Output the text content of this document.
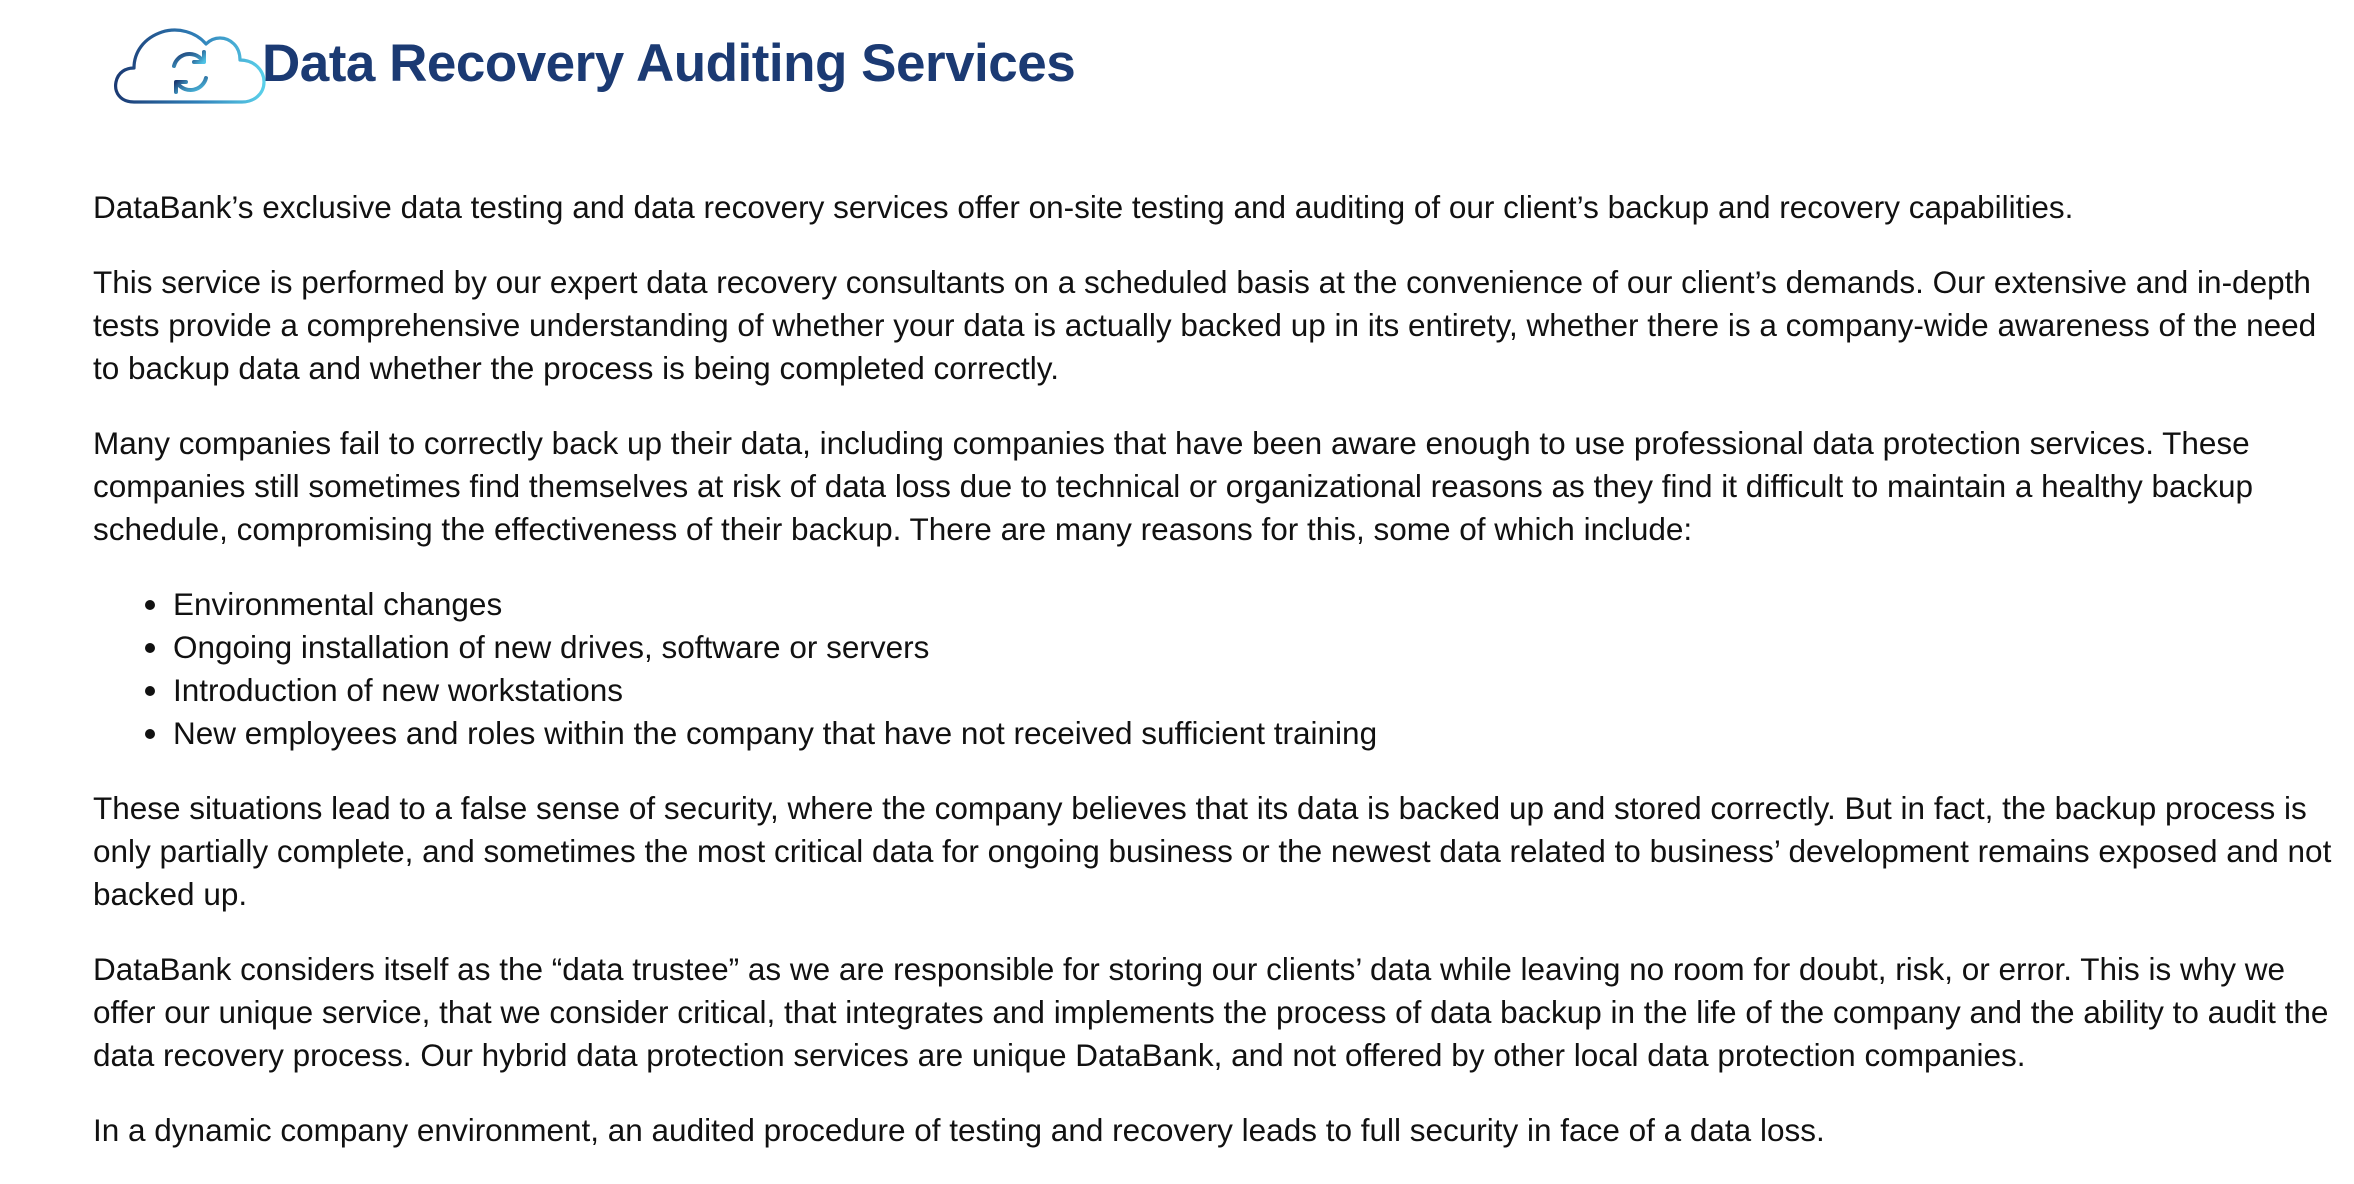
Data Recovery Auditing Services

DataBank’s exclusive data testing and data recovery services offer on-site testing and auditing of our client’s backup and recovery capabilities.

This service is performed by our expert data recovery consultants on a scheduled basis at the convenience of our client’s demands. Our extensive and in-depth tests provide a comprehensive understanding of whether your data is actually backed up in its entirety, whether there is a company-wide awareness of the need to backup data and whether the process is being completed correctly.

Many companies fail to correctly back up their data, including companies that have been aware enough to use professional data protection services. These companies still sometimes find themselves at risk of data loss due to technical or organizational reasons as they find it difficult to maintain a healthy backup schedule, compromising the effectiveness of their backup. There are many reasons for this, some of which include:

Environmental changes
Ongoing installation of new drives, software or servers
Introduction of new workstations
New employees and roles within the company that have not received sufficient training

These situations lead to a false sense of security, where the company believes that its data is backed up and stored correctly. But in fact, the backup process is only partially complete, and sometimes the most critical data for ongoing business or the newest data related to business’ development remains exposed and not backed up.

DataBank considers itself as the “data trustee” as we are responsible for storing our clients’ data while leaving no room for doubt, risk, or error. This is why we offer our unique service, that we consider critical, that integrates and implements the process of data backup in the life of the company and the ability to audit the data recovery process. Our hybrid data protection services are unique DataBank, and not offered by other local data protection companies.

In a dynamic company environment, an audited procedure of testing and recovery leads to full security in face of a data loss.
